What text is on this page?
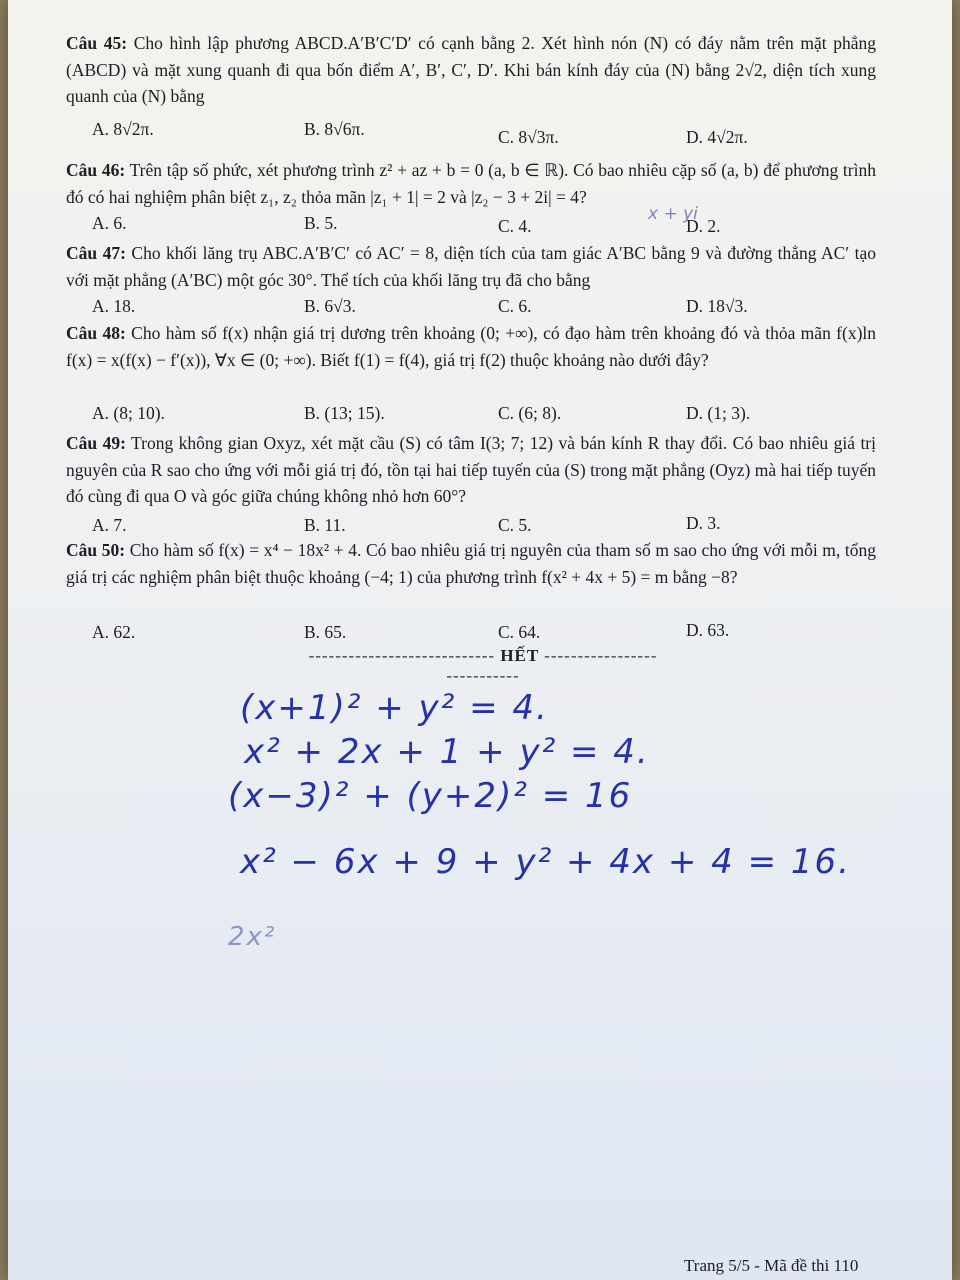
Câu 45: Cho hình lập phương ABCD.A′B′C′D′ có cạnh bằng 2. Xét hình nón (N) có đáy nằm trên mặt phẳng (ABCD) và mặt xung quanh đi qua bốn điểm A′, B′, C′, D′. Khi bán kính đáy của (N) bằng 2√2, diện tích xung quanh của (N) bằng
A. 8√2π.	B. 8√6π.	C. 8√3π.	D. 4√2π.
Câu 46: Trên tập số phức, xét phương trình z² + az + b = 0 (a, b ∈ ℝ). Có bao nhiêu cặp số (a, b) để phương trình đó có hai nghiệm phân biệt z₁, z₂ thỏa mãn |z₁ + 1| = 2 và |z₂ − 3 + 2i| = 4?
A. 6.	B. 5.	C. 4.	D. 2.
Câu 47: Cho khối lăng trụ ABC.A′B′C′ có AC′ = 8, diện tích của tam giác A′BC bằng 9 và đường thẳng AC′ tạo với mặt phẳng (A′BC) một góc 30°. Thể tích của khối lăng trụ đã cho bằng
A. 18.	B. 6√3.	C. 6.	D. 18√3.
Câu 48: Cho hàm số f(x) nhận giá trị dương trên khoảng (0; +∞), có đạo hàm trên khoảng đó và thỏa mãn f(x)ln f(x) = x(f(x) − f′(x)), ∀x ∈ (0; +∞). Biết f(1) = f(4), giá trị f(2) thuộc khoảng nào dưới đây?
A. (8; 10).	B. (13; 15).	C. (6; 8).	D. (1; 3).
Câu 49: Trong không gian Oxyz, xét mặt cầu (S) có tâm I(3; 7; 12) và bán kính R thay đổi. Có bao nhiêu giá trị nguyên của R sao cho ứng với mỗi giá trị đó, tồn tại hai tiếp tuyến của (S) trong mặt phẳng (Oyz) mà hai tiếp tuyến đó cùng đi qua O và góc giữa chúng không nhỏ hơn 60°?
A. 7.	B. 11.	C. 5.	D. 3.
Câu 50: Cho hàm số f(x) = x⁴ − 18x² + 4. Có bao nhiêu giá trị nguyên của tham số m sao cho ứng với mỗi m, tổng giá trị các nghiệm phân biệt thuộc khoảng (−4; 1) của phương trình f(x² + 4x + 5) = m bằng −8?
A. 62.	B. 65.	C. 64.	D. 63.
---------------------------- HẾT ----------------------------
x + yi
(x+1)² + y² = 4.
x² + 2x + 1 + y² = 4.
(x−3)² + (y+2)² = 16
x² − 6x + 9 + y² + 4x + 4 = 16.
2x²
Trang 5/5 - Mã đề thi 110
